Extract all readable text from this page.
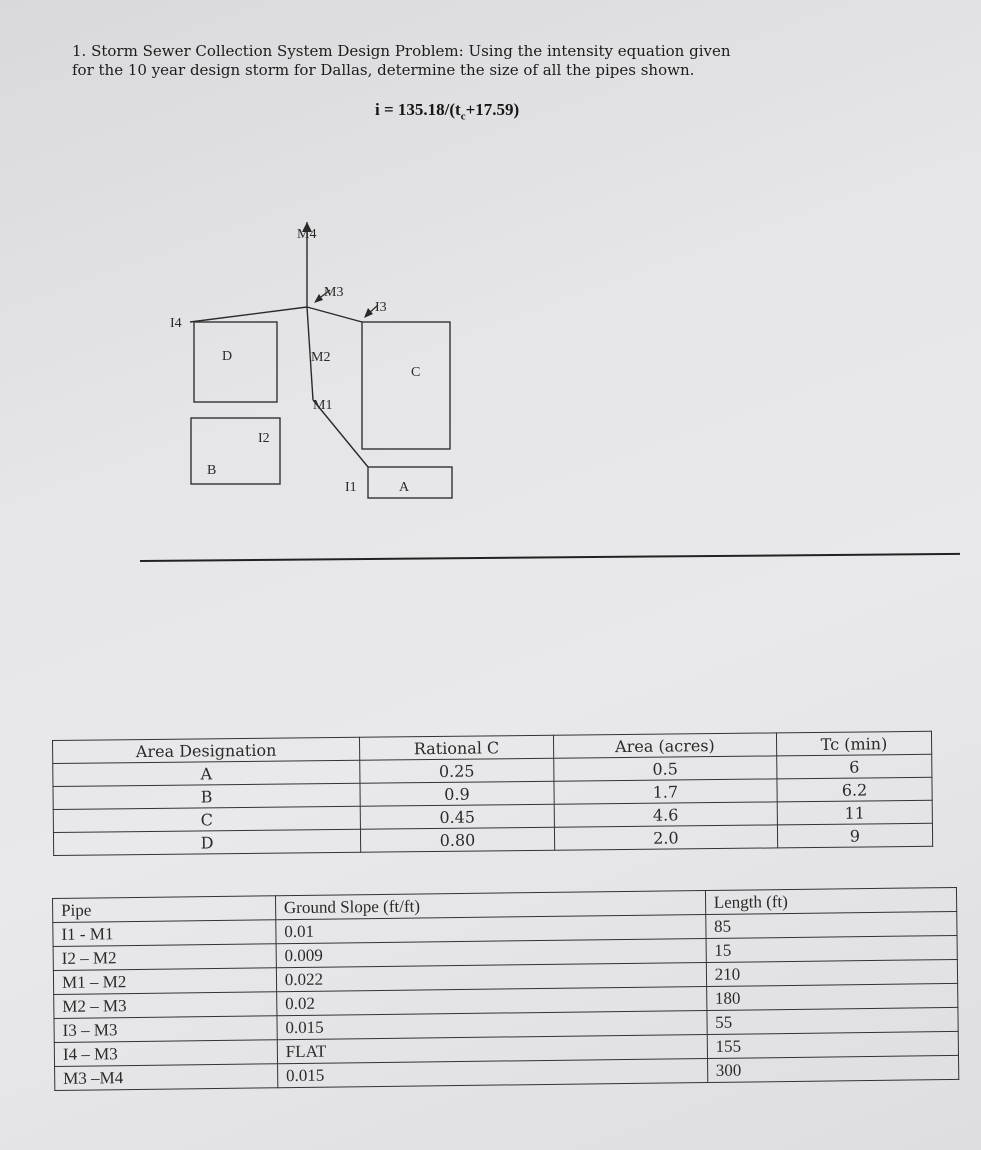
1. Storm Sewer Collection System Design Problem: Using the intensity equation given

for the 10 year design storm for Dallas, determine the size of all the pipes shown.

$i = 135.18/(t_c+17.59)$
M4
M3
I3
I4
M2
M1
I2
I1
D
B
C
A
Area Designation	Rational C	Area (acres)	Tc (min)
A	0.25	0.5	6
B	0.9	1.7	6.2
C	0.45	4.6	11
D	0.80	2.0	9
Pipe	Ground Slope (ft/ft)	Length (ft)
I1 - M1	0.01	85
I2 – M2	0.009	15
M1 – M2	0.022	210
M2 – M3	0.02	180
I3 – M3	0.015	55
I4 – M3	FLAT	155
M3 –M4	0.015	300
